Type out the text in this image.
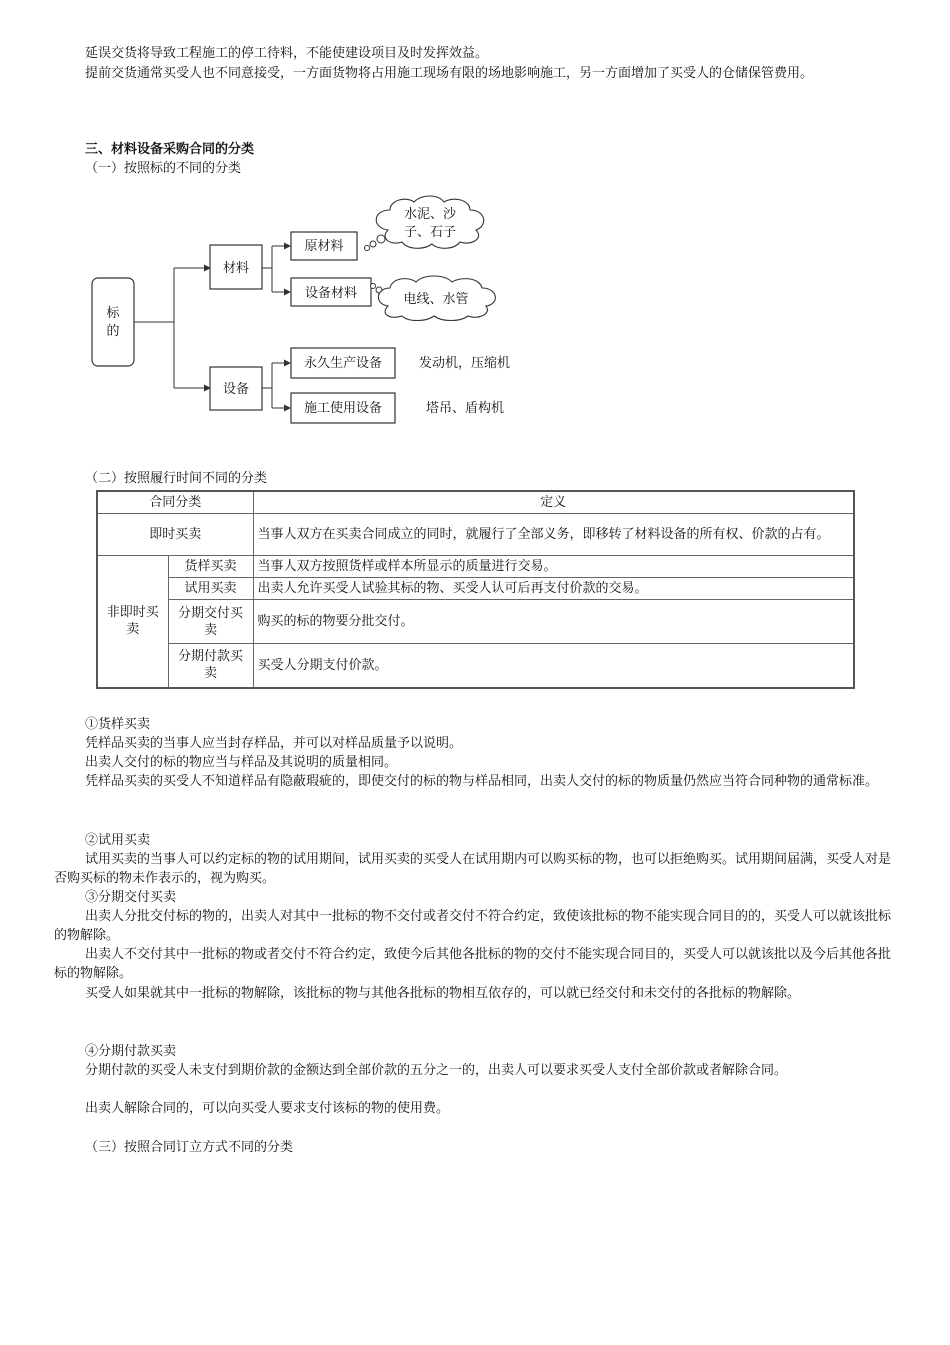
延误交货将导致工程施工的停工待料，不能使建设项目及时发挥效益。

提前交货通常买受人也不同意接受，一方面货物将占用施工现场有限的场地影响施工，另一方面增加了买受人的仓储保管费用。

三、材料设备采购合同的分类

（一）按照标的不同的分类

标
的
材料
设备
原材料
设备材料
永久生产设备
施工使用设备
水泥、沙
子、石子
电线、水管
发动机，压缩机
塔吊、盾构机

（二）按照履行时间不同的分类

合同分类		定义
即时买卖		当事人双方在买卖合同成立的同时，就履行了全部义务，即移转了材料设备的所有权、价款的占有。
非即时买卖	货样买卖	当事人双方按照货样或样本所显示的质量进行交易。
	试用买卖	出卖人允许买受人试验其标的物、买受人认可后再支付价款的交易。
	分期交付买卖	购买的标的物要分批交付。
	分期付款买卖	买受人分期支付价款。

①货样买卖

凭样品买卖的当事人应当封存样品，并可以对样品质量予以说明。

出卖人交付的标的物应当与样品及其说明的质量相同。

凭样品买卖的买受人不知道样品有隐蔽瑕疵的，即使交付的标的物与样品相同，出卖人交付的标的物质量仍然应当符合同种物的通常标准。

②试用买卖

试用买卖的当事人可以约定标的物的试用期间，试用买卖的买受人在试用期内可以购买标的物，也可以拒绝购买。试用期间届满，买受人对是否购买标的物未作表示的，视为购买。

③分期交付买卖

出卖人分批交付标的物的，出卖人对其中一批标的物不交付或者交付不符合约定，致使该批标的物不能实现合同目的的，买受人可以就该批标的物解除。

出卖人不交付其中一批标的物或者交付不符合约定，致使今后其他各批标的物的交付不能实现合同目的，买受人可以就该批以及今后其他各批标的物解除。

买受人如果就其中一批标的物解除，该批标的物与其他各批标的物相互依存的，可以就已经交付和未交付的各批标的物解除。

④分期付款买卖

分期付款的买受人未支付到期价款的金额达到全部价款的五分之一的，出卖人可以要求买受人支付全部价款或者解除合同。

出卖人解除合同的，可以向买受人要求支付该标的物的使用费。

（三）按照合同订立方式不同的分类
